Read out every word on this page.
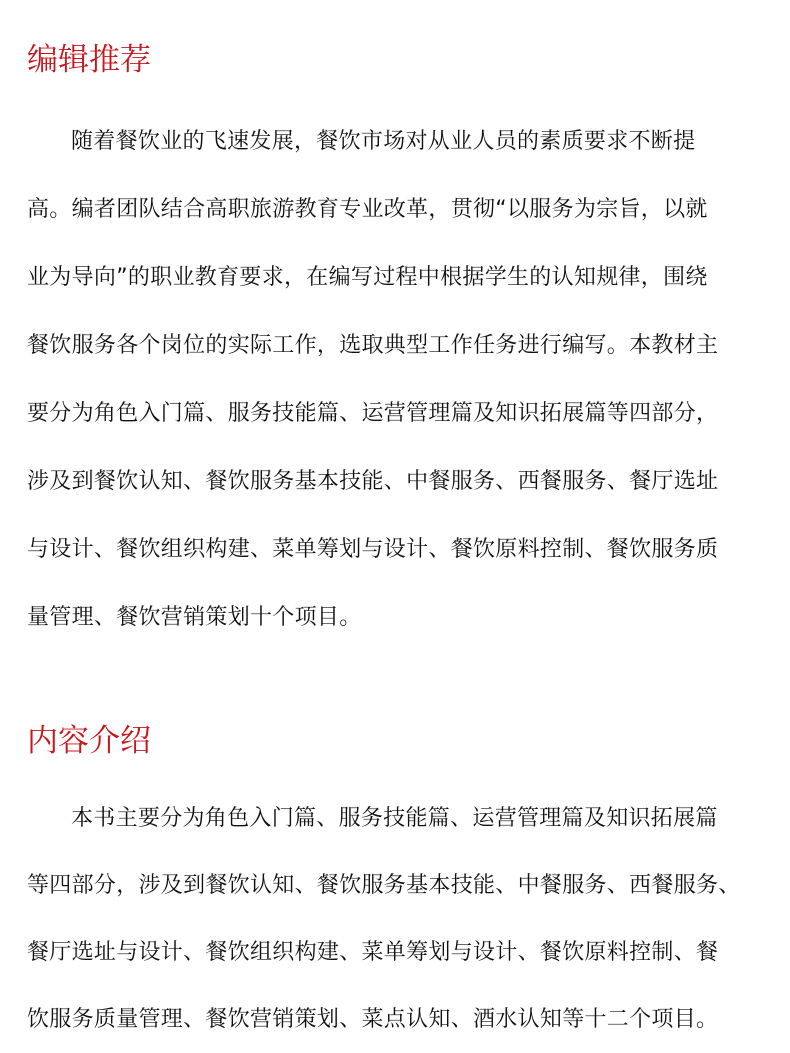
编辑推荐
随着餐饮业的飞速发展，餐饮市场对从业人员的素质要求不断提
高。编者团队结合高职旅游教育专业改革，贯彻“以服务为宗旨，以就
业为导向”的职业教育要求，在编写过程中根据学生的认知规律，围绕
餐饮服务各个岗位的实际工作，选取典型工作任务进行编写。本教材主
要分为角色入门篇、服务技能篇、运营管理篇及知识拓展篇等四部分，
涉及到餐饮认知、餐饮服务基本技能、中餐服务、西餐服务、餐厅选址
与设计、餐饮组织构建、菜单筹划与设计、餐饮原料控制、餐饮服务质
量管理、餐饮营销策划十个项目。
内容介绍
本书主要分为角色入门篇、服务技能篇、运营管理篇及知识拓展篇
等四部分，涉及到餐饮认知、餐饮服务基本技能、中餐服务、西餐服务、
餐厅选址与设计、餐饮组织构建、菜单筹划与设计、餐饮原料控制、餐
饮服务质量管理、餐饮营销策划、菜点认知、酒水认知等十二个项目。
